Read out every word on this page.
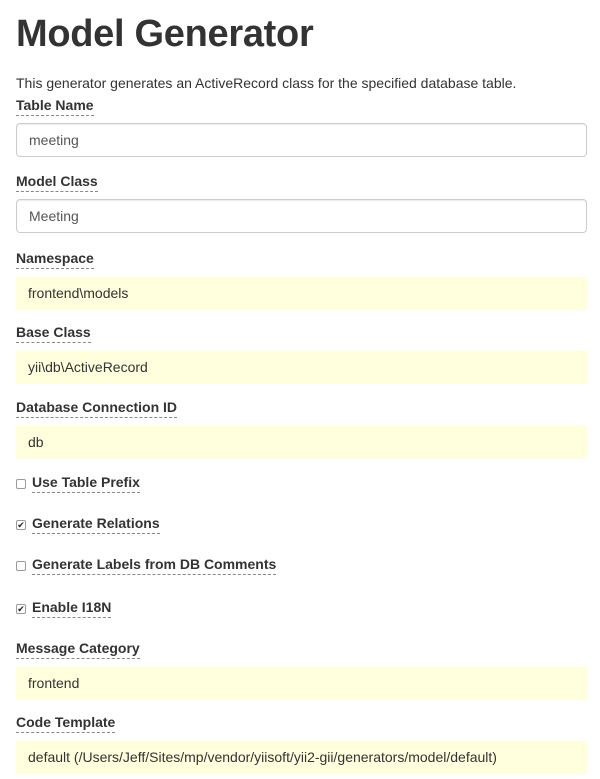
Model Generator

This generator generates an ActiveRecord class for the specified database table.

Table Name
meeting
Model Class
Meeting
Namespace
frontend\models
Base Class
yii\db\ActiveRecord
Database Connection ID
db
Use Table Prefix
✔ Generate Relations
Generate Labels from DB Comments
✔ Enable I18N
Message Category
frontend
Code Template
default (/Users/Jeff/Sites/mp/vendor/yiisoft/yii2-gii/generators/model/default)
